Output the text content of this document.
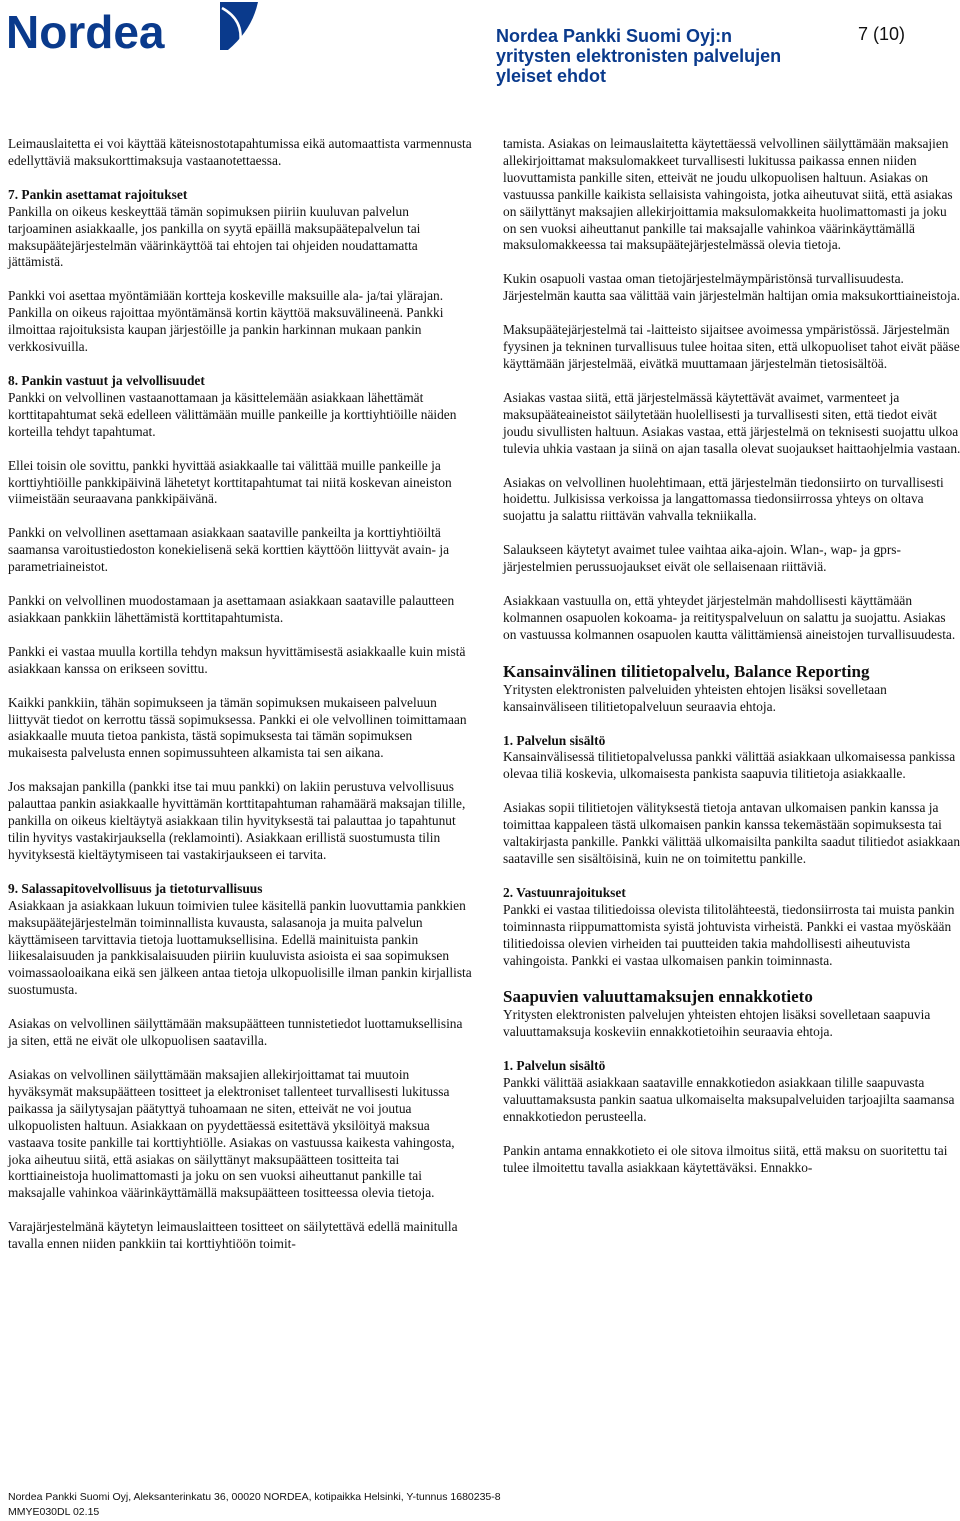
Nordea	Nordea Pankki Suomi Oyj:n
yritysten elektronisten palvelujen
yleiset ehdot
7 (10)

Leimauslaitetta ei voi käyttää käteisnostotapahtumissa eikä automaattista varmennusta edellyttäviä maksukorttimaksuja vastaanotettaessa.

7. Pankin asettamat rajoitukset

Pankilla on oikeus keskeyttää tämän sopimuksen piiriin kuuluvan palvelun tarjoaminen asiakkaalle, jos pankilla on syytä epäillä maksupäätepalvelun tai maksupäätejärjestelmän väärinkäyttöä tai ehtojen tai ohjeiden noudattamatta jättämistä.

Pankki voi asettaa myöntämiään kortteja koskeville maksuille ala- ja/tai ylärajan. Pankilla on oikeus rajoittaa myöntämänsä kortin käyttöä maksuvälineenä. Pankki ilmoittaa rajoituksista kaupan järjestöille ja pankin harkinnan mukaan pankin verkkosivuilla.

8. Pankin vastuut ja velvollisuudet

Pankki on velvollinen vastaanottamaan ja käsittelemään asiakkaan lähettämät korttitapahtumat sekä edelleen välittämään muille pankeille ja korttiyhtiöille näiden korteilla tehdyt tapahtumat.

Ellei toisin ole sovittu, pankki hyvittää asiakkaalle tai välittää muille pankeille ja korttiyhtiöille pankkipäivinä lähetetyt korttitapahtumat tai niitä koskevan aineiston viimeistään seuraavana pankkipäivänä.

Pankki on velvollinen asettamaan asiakkaan saataville pankeilta ja korttiyhtiöiltä saamansa varoitustiedoston konekielisenä sekä korttien käyttöön liittyvät avain- ja parametriaineistot.

Pankki on velvollinen muodostamaan ja asettamaan asiakkaan saataville palautteen asiakkaan pankkiin lähettämistä korttitapahtumista.

Pankki ei vastaa muulla kortilla tehdyn maksun hyvittämisestä asiakkaalle kuin mistä asiakkaan kanssa on erikseen sovittu.

Kaikki pankkiin, tähän sopimukseen ja tämän sopimuksen mukaiseen palveluun liittyvät tiedot on kerrottu tässä sopimuksessa. Pankki ei ole velvollinen toimittamaan asiakkaalle muuta tietoa pankista, tästä sopimuksesta tai tämän sopimuksen mukaisesta palvelusta ennen sopimussuhteen alkamista tai sen aikana.

Jos maksajan pankilla (pankki itse tai muu pankki) on lakiin perustuva velvollisuus palauttaa pankin asiakkaalle hyvittämän korttitapahtuman rahamäärä maksajan tilille, pankilla on oikeus kieltäytyä asiakkaan tilin hyvityksestä tai palauttaa jo tapahtunut tilin hyvitys vastakirjauksella (reklamointi). Asiakkaan erillistä suostumusta tilin hyvityksestä kieltäytymiseen tai vastakirjaukseen ei tarvita.

9. Salassapitovelvollisuus ja tietoturvallisuus

Asiakkaan ja asiakkaan lukuun toimivien tulee käsitellä pankin luovuttamia pankkien maksupäätejärjestelmän toiminnallista kuvausta, salasanoja ja muita palvelun käyttämiseen tarvittavia tietoja luottamuksellisina. Edellä mainituista pankin liikesalaisuuden ja pankkisalaisuuden piiriin kuuluvista asioista ei saa sopimuksen voimassaoloaikana eikä sen jälkeen antaa tietoja ulkopuolisille ilman pankin kirjallista suostumusta.

Asiakas on velvollinen säilyttämään maksupäätteen tunnistetiedot luottamuksellisina ja siten, että ne eivät ole ulkopuolisen saatavilla.

Asiakas on velvollinen säilyttämään maksajien allekirjoittamat tai muutoin hyväksymät maksupäätteen tositteet ja elektroniset tallenteet turvallisesti lukitussa paikassa ja säilytysajan päätyttyä tuhoamaan ne siten, etteivät ne voi joutua ulkopuolisten haltuun. Asiakkaan on pyydettäessä esitettävä yksilöityä maksua vastaava tosite pankille tai korttiyhtiölle. Asiakas on vastuussa kaikesta vahingosta, joka aiheutuu siitä, että asiakas on säilyttänyt maksupäätteen tositteita tai korttiaineistoja huolimattomasti ja joku on sen vuoksi aiheuttanut pankille tai maksajalle vahinkoa väärinkäyttämällä maksupäätteen tositteessa olevia tietoja.

Varajärjestelmänä käytetyn leimauslaitteen tositteet on säilytettävä edellä mainitulla tavalla ennen niiden pankkiin tai korttiyhtiöön toimit-

tamista. Asiakas on leimauslaitetta käytettäessä velvollinen säilyttämään maksajien allekirjoittamat maksulomakkeet turvallisesti lukitussa paikassa ennen niiden luovuttamista pankille siten, etteivät ne joudu ulkopuolisen haltuun. Asiakas on vastuussa pankille kaikista sellaisista vahingoista, jotka aiheutuvat siitä, että asiakas on säilyttänyt maksajien allekirjoittamia maksulomakkeita huolimattomasti ja joku on sen vuoksi aiheuttanut pankille tai maksajalle vahinkoa väärinkäyttämällä maksulomakkeessa tai maksupäätejärjestelmässä olevia tietoja.

Kukin osapuoli vastaa oman tietojärjestelmäympäristönsä turvallisuudesta. Järjestelmän kautta saa välittää vain järjestelmän haltijan omia maksukorttiaineistoja.

Maksupäätejärjestelmä tai -laitteisto sijaitsee avoimessa ympäristössä. Järjestelmän fyysinen ja tekninen turvallisuus tulee hoitaa siten, että ulkopuoliset tahot eivät pääse käyttämään järjestelmää, eivätkä muuttamaan järjestelmän tietosisältöä.

Asiakas vastaa siitä, että järjestelmässä käytettävät avaimet, varmenteet ja maksupääteaineistot säilytetään huolellisesti ja turvallisesti siten, että tiedot eivät joudu sivullisten haltuun. Asiakas vastaa, että järjestelmä on teknisesti suojattu ulkoa tulevia uhkia vastaan ja siinä on ajan tasalla olevat suojaukset haittaohjelmia vastaan.

Asiakas on velvollinen huolehtimaan, että järjestelmän tiedonsiirto on turvallisesti hoidettu. Julkisissa verkoissa ja langattomassa tiedonsiirrossa yhteys on oltava suojattu ja salattu riittävän vahvalla tekniikalla.

Salaukseen käytetyt avaimet tulee vaihtaa aika-ajoin. Wlan-, wap- ja gprs-järjestelmien perussuojaukset eivät ole sellaisenaan riittäviä.

Asiakkaan vastuulla on, että yhteydet järjestelmän mahdollisesti käyttämään kolmannen osapuolen kokoama- ja reitityspalveluun on salattu ja suojattu. Asiakas on vastuussa kolmannen osapuolen kautta välittämiensä aineistojen turvallisuudesta.

Kansainvälinen tilitietopalvelu, Balance Reporting

Yritysten elektronisten palveluiden yhteisten ehtojen lisäksi sovelletaan kansainväliseen tilitietopalveluun seuraavia ehtoja.

1. Palvelun sisältö

Kansainvälisessä tilitietopalvelussa pankki välittää asiakkaan ulkomaisessa pankissa olevaa tiliä koskevia, ulkomaisesta pankista saapuvia tilitietoja asiakkaalle.

Asiakas sopii tilitietojen välityksestä tietoja antavan ulkomaisen pankin kanssa ja toimittaa kappaleen tästä ulkomaisen pankin kanssa tekemästään sopimuksesta tai valtakirjasta pankille. Pankki välittää ulkomaisilta pankilta saadut tilitiedot asiakkaan saataville sen sisältöisinä, kuin ne on toimitettu pankille.

2. Vastuunrajoitukset

Pankki ei vastaa tilitiedoissa olevista tilitolähteestä, tiedonsiirrosta tai muista pankin toiminnasta riippumattomista syistä johtuvista virheistä. Pankki ei vastaa myöskään tilitiedoissa olevien virheiden tai puutteiden takia mahdollisesti aiheutuvista vahingoista. Pankki ei vastaa ulkomaisen pankin toiminnasta.

Saapuvien valuuttamaksujen ennakkotieto

Yritysten elektronisten palvelujen yhteisten ehtojen lisäksi sovelletaan saapuvia valuuttamaksuja koskeviin ennakkotietoihin seuraavia ehtoja.

1. Palvelun sisältö

Pankki välittää asiakkaan saataville ennakkotiedon asiakkaan tilille saapuvasta valuuttamaksusta pankin saatua ulkomaiselta maksupalveluiden tarjoajilta saamansa ennakkotiedon perusteella.

Pankin antama ennakkotieto ei ole sitova ilmoitus siitä, että maksu on suoritettu tai tulee ilmoitettu tavalla asiakkaan käytettäväksi. Ennakko-

Nordea Pankki Suomi Oyj, Aleksanterinkatu 36, 00020 NORDEA, kotipaikka Helsinki, Y-tunnus 1680235-8
MMYE030DL 02.15
